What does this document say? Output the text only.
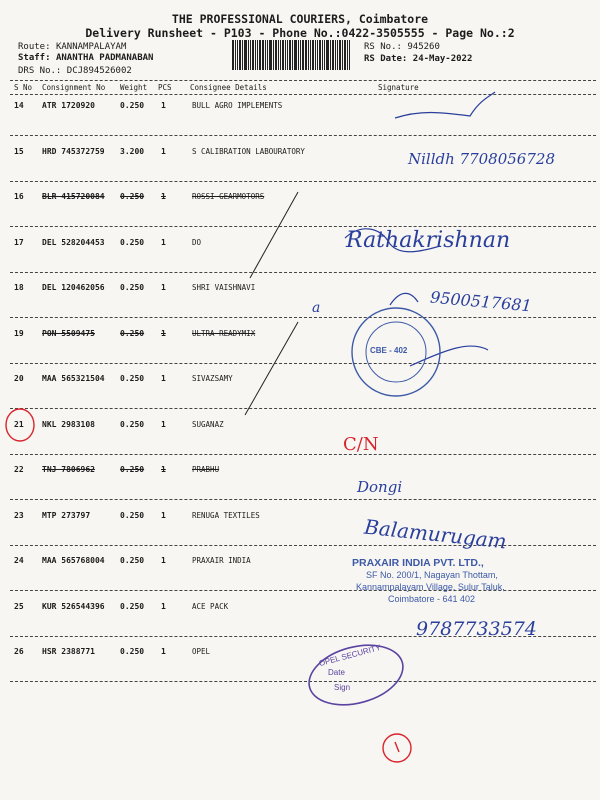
THE PROFESSIONAL COURIERS, Coimbatore
Delivery Runsheet - P103 - Phone No.:0422-3505555 - Page No.:2
Route: KANNAMPALAYAM
Staff: ANANTHA PADMANABAN
DRS No.: DCJ894526002
RS No.: 945260
RS Date: 24-May-2022
S No Consignment No Weight PCS Consignee Details	Signature
14 ATR 1720920	0.250 1	BULL AGRO IMPLEMENTS
15 HRD 745372759 3.200 1	S CALIBRATION LABOURATORY
16 BLR 415720084 0.250 1	ROSSI GEARMOTORS
17 DEL 528204453 0.250 1	DO
18 DEL 120462056 0.250 1	SHRI VAISHNAVI
19 PON 5509475	0.250 1	ULTRA READYMIX
20 MAA 565321504 0.250 1	SIVAZSAMY
21 NKL 2983108	0.250 1	SUGANAZ
22 TNJ 7806962	0.250 1	PRABHU
23 MTP 273797	0.250 1	RENUGA TEXTILES
24 MAA 565768004 0.250 1	PRAXAIR INDIA
25 KUR 526544396 0.250 1	ACE PACK
26 HSR 2388771	0.250 1	OPEL
CBE - 402
PRAXAIR INDIA PVT. LTD.,
SF No. 200/1, Nagayan Thottam,
Kannampalayam Village, Sulur Taluk,
Coimbatore - 641 402
OPEL SECURITY
Date
Sign
Nilldh 7708056728
Rathakrishnan
9500517681
a
C/N
Dongi
Balamurugam
9787733574
